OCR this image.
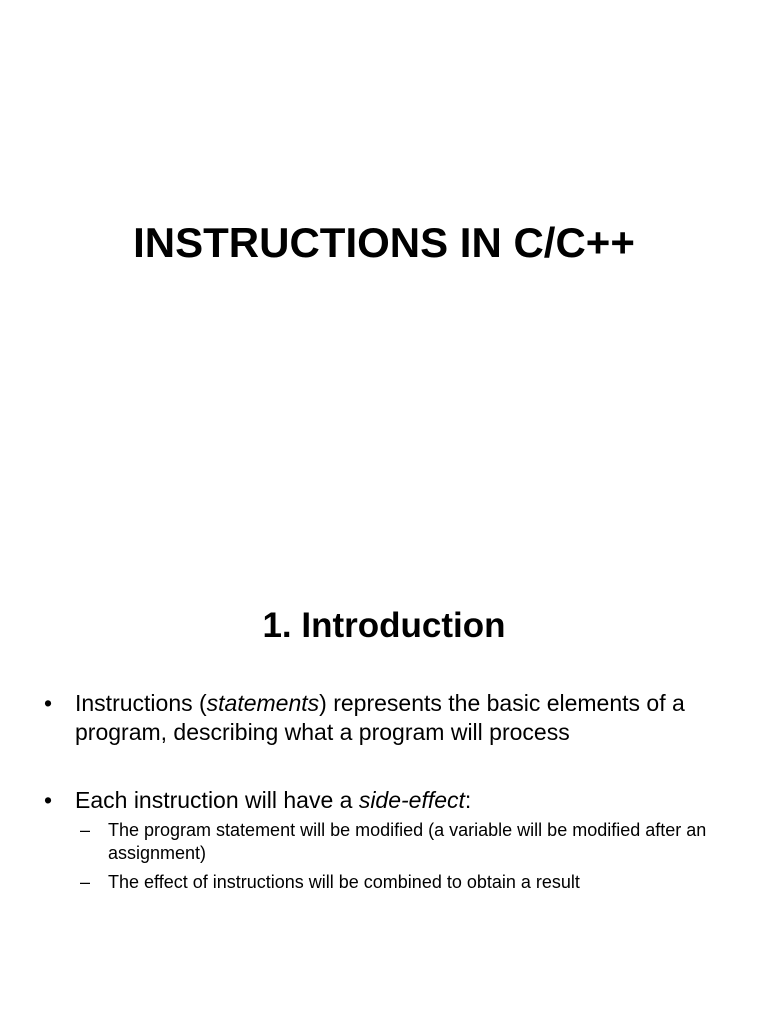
INSTRUCTIONS IN C/C++
1. Introduction
• Instructions (statements) represents the basic elements of a program, describing what a program will process
• Each instruction will have a side-effect:
– The program statement will be modified (a variable will be modified after an assignment)
– The effect of instructions will be combined to obtain a result
